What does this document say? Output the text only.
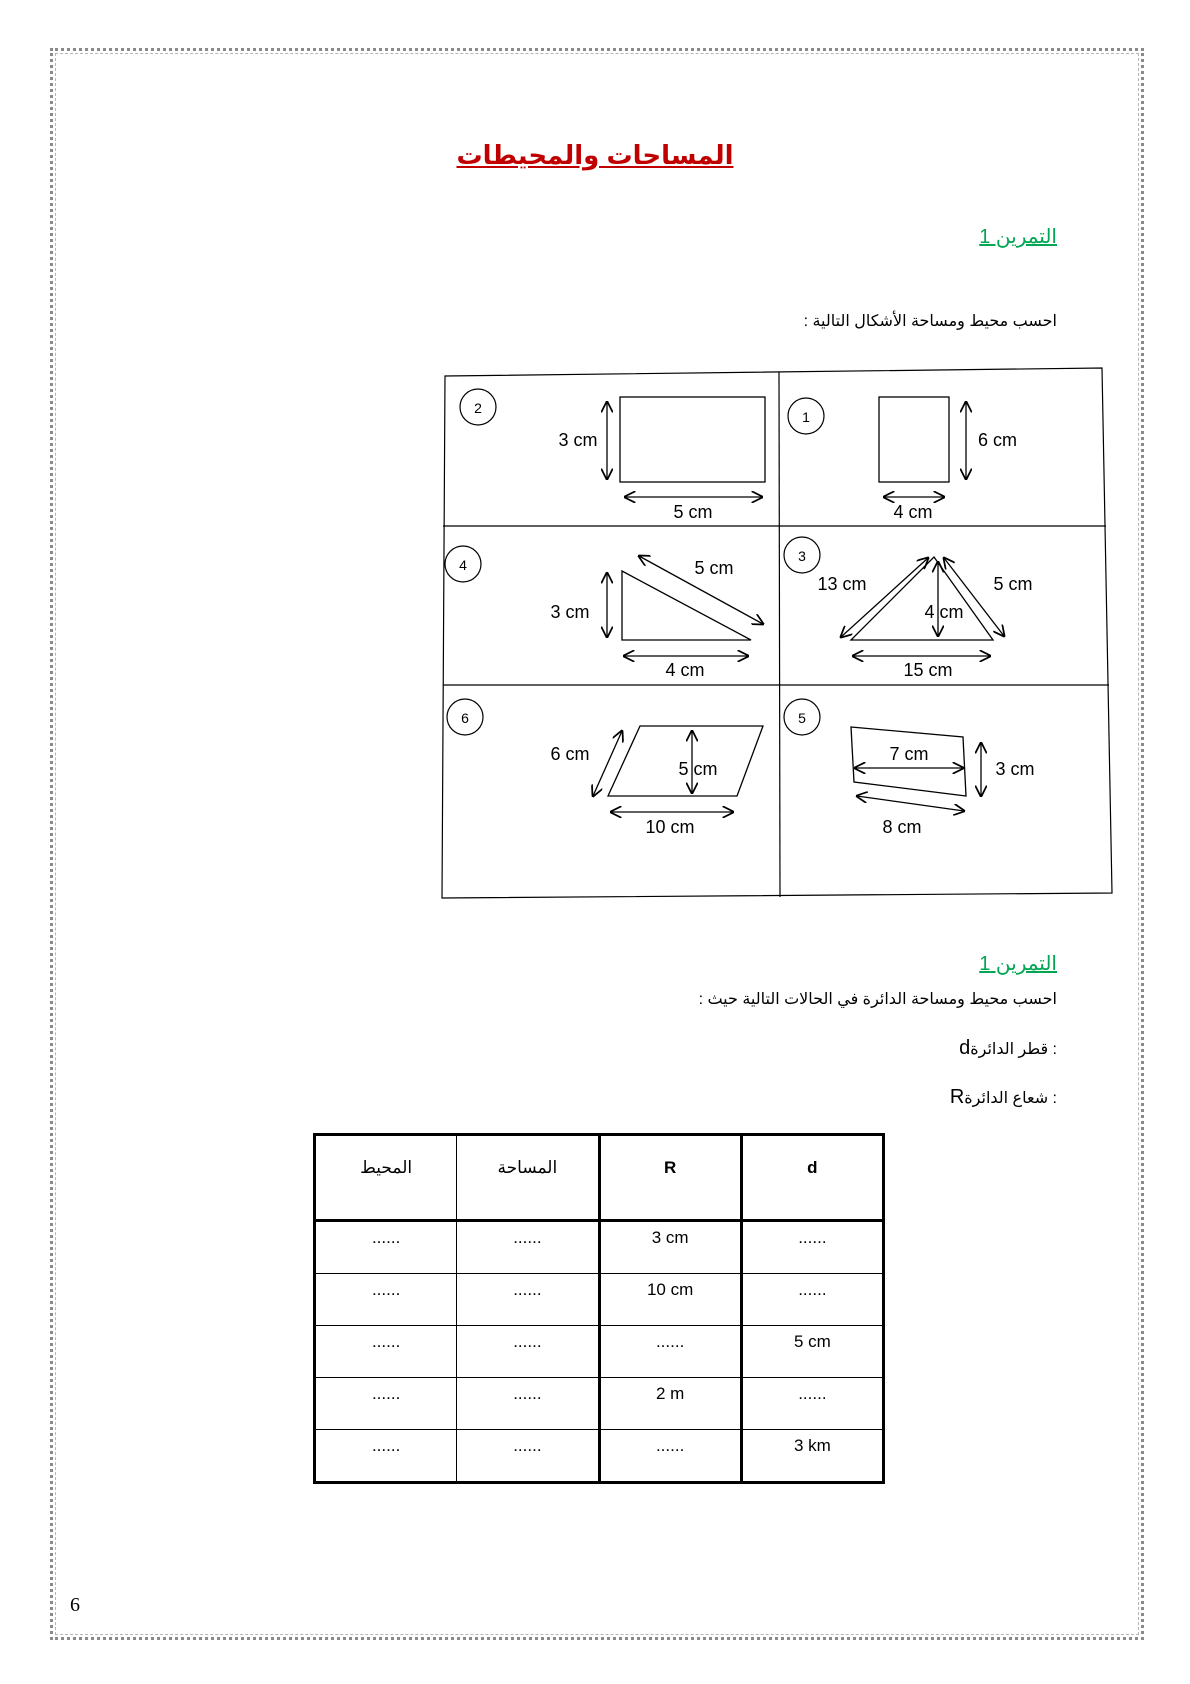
المساحات والمحيطات
التمرين 1
احسب محيط ومساحة الأشكال التالية :
1
6 cm
4 cm
2
3 cm
5 cm
3
13 cm	5 cm
4 cm
15 cm
4	5 cm
3 cm
4 cm
5
7 cm
3 cm
8 cm
6
6 cm
5 cm
10 cm
التمرين 1
احسب محيط ومساحة الدائرة في الحالات التالية حيث :
: قطر الدائرةd
: شعاع الدائرةR
المحيط	المساحة	R	d
......	......	3 cm	......
......	......	10 cm	......
......	......	......	5 cm
......	......	2 m	......
......	......	......	3 km
6
